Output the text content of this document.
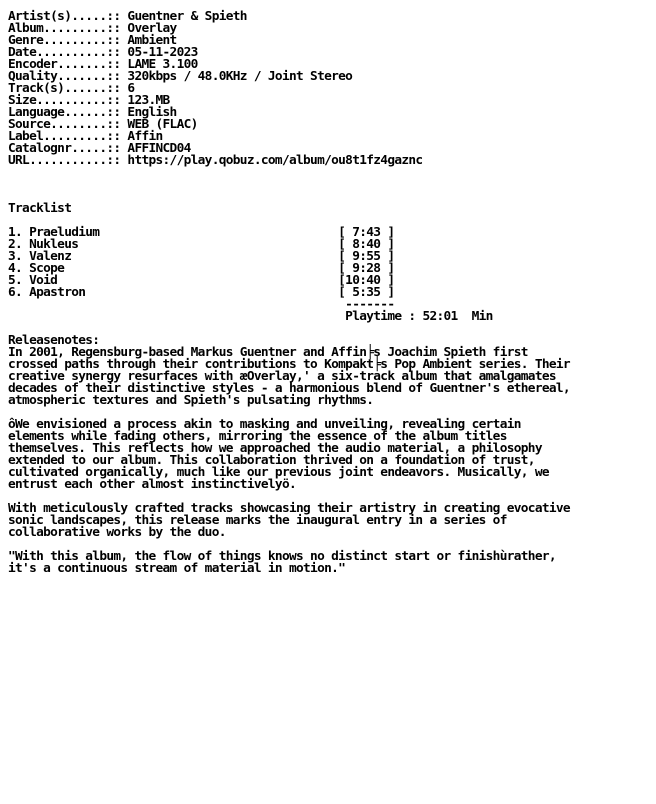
Artist(s).....:: Guentner & Spieth
Album.........:: Overlay
Genre.........:: Ambient
Date..........:: 05-11-2023
Encoder.......:: LAME 3.100
Quality.......:: 320kbps / 48.0KHz / Joint Stereo
Track(s)......:: 6
Size..........:: 123.MB
Language......:: English
Source........:: WEB (FLAC)
Label.........:: Affin
Catalognr.....:: AFFINCD04
URL...........:: https://play.qobuz.com/album/ou8t1fz4gaznc
Tracklist
1. Praeludium                                  [ 7:43 ]
2. Nukleus                                     [ 8:40 ]
3. Valenz                                      [ 9:55 ]
4. Scope                                       [ 9:28 ]
5. Void                                        [10:40 ]
6. Apastron                                    [ 5:35 ]
-------
Playtime : 52:01  Min
Releasenotes:
In 2001, Regensburg-based Markus Guentner and Affin╞s Joachim Spieth first
crossed paths through their contributions to Kompakt╞s Pop Ambient series. Their
creative synergy resurfaces with æOverlay,' a six-track album that amalgamates
decades of their distinctive styles - a harmonious blend of Guentner's ethereal,
atmospheric textures and Spieth's pulsating rhythms.
ôWe envisioned a process akin to masking and unveiling, revealing certain
elements while fading others, mirroring the essence of the album titles
themselves. This reflects how we approached the audio material, a philosophy
extended to our album. This collaboration thrived on a foundation of trust,
cultivated organically, much like our previous joint endeavors. Musically, we
entrust each other almost instinctivelyö.
With meticulously crafted tracks showcasing their artistry in creating evocative
sonic landscapes, this release marks the inaugural entry in a series of
collaborative works by the duo.
"With this album, the flow of things knows no distinct start or finishùrather,
it's a continuous stream of material in motion."
